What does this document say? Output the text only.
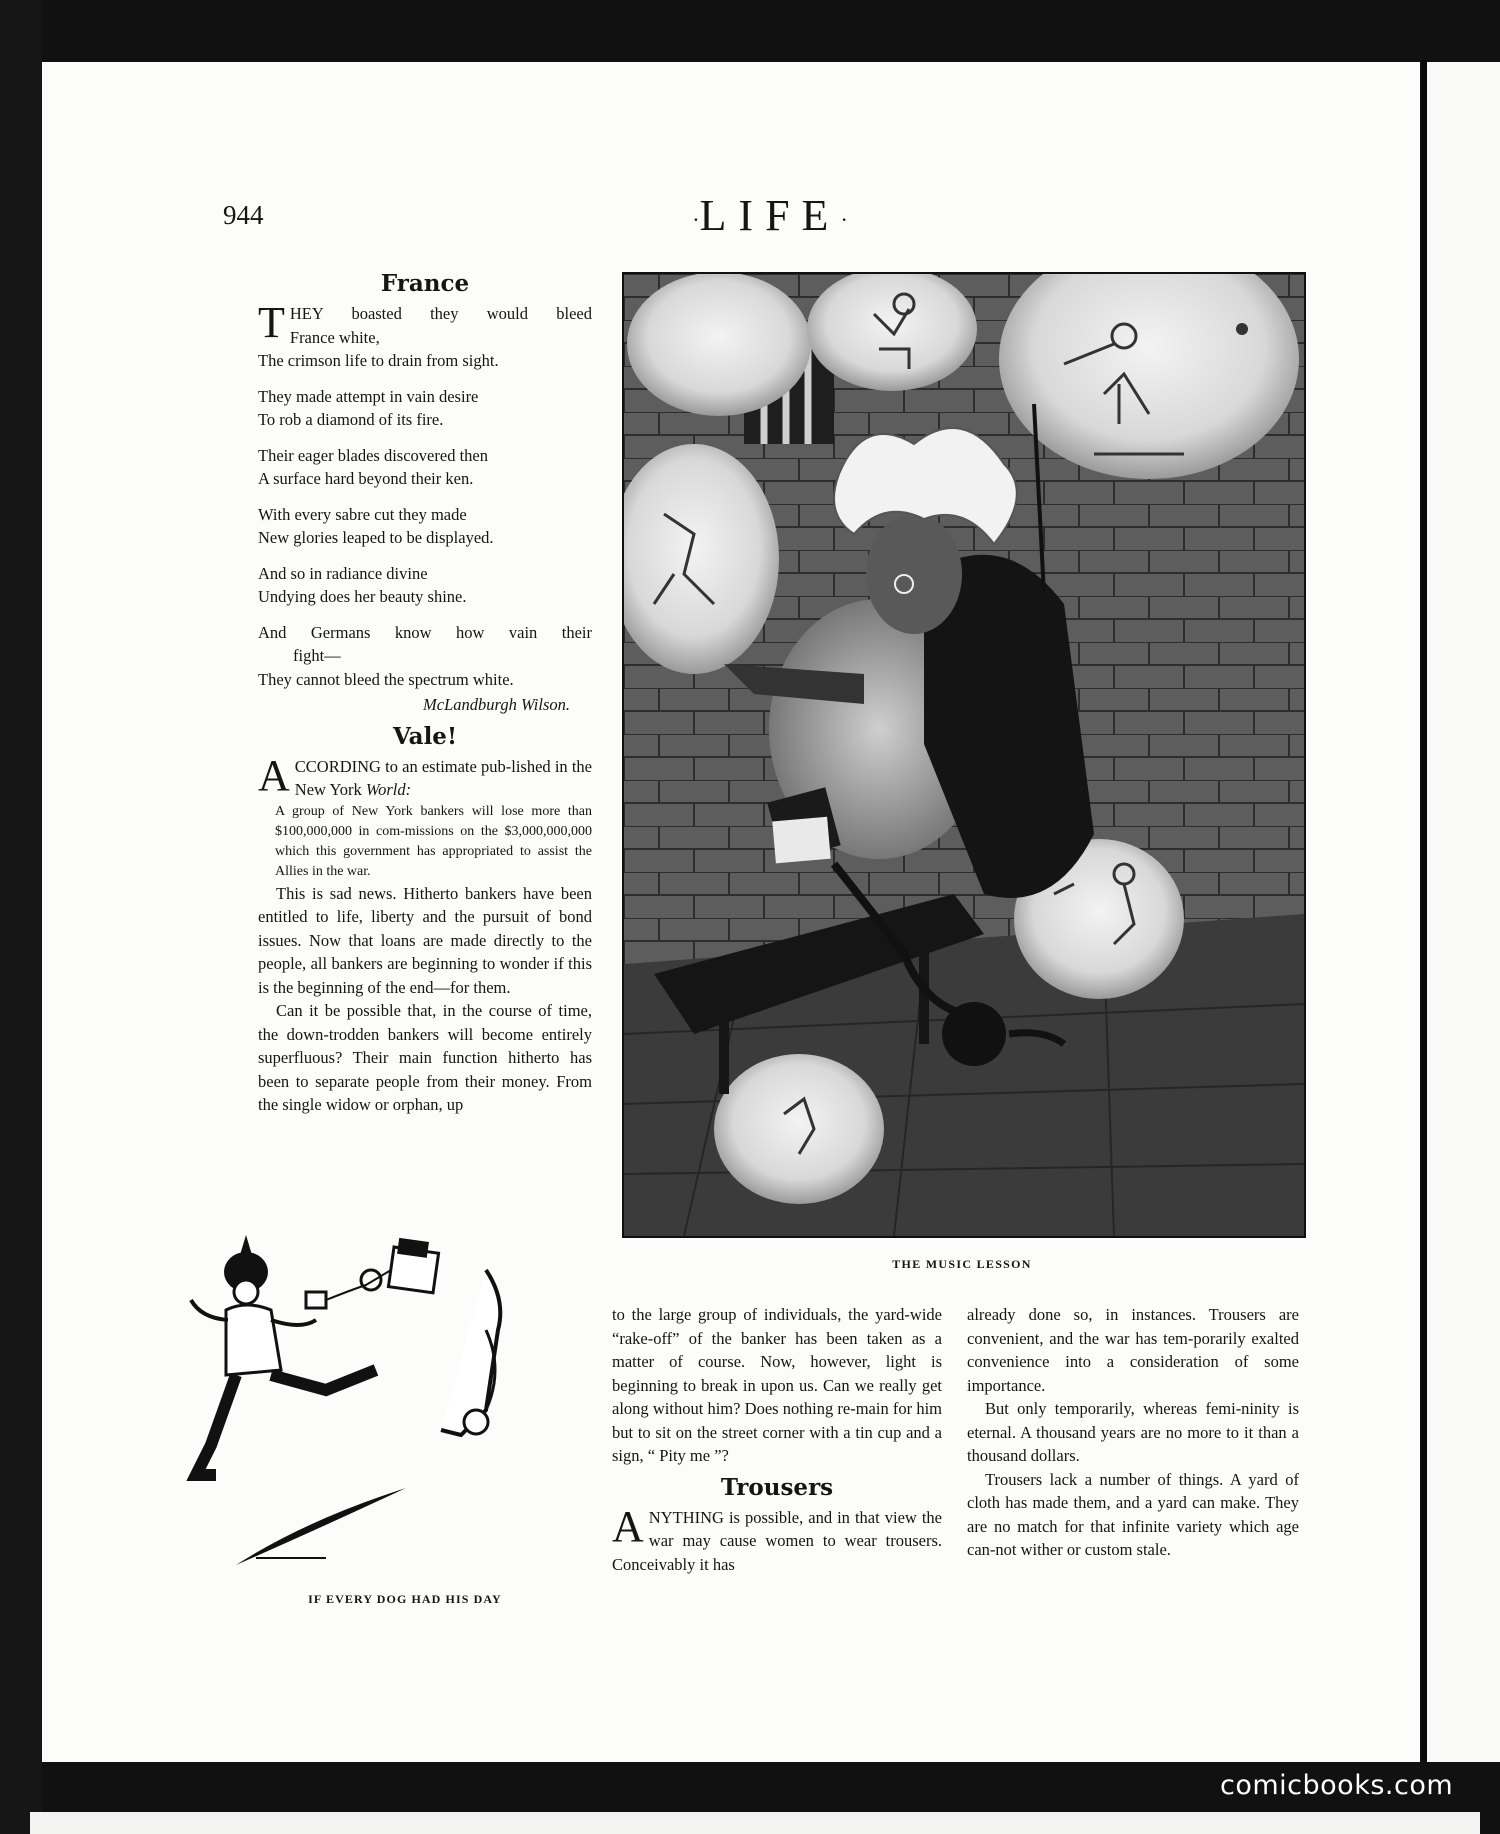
comicbooks.com
944	·LIFE·
France
T HEY boasted they would bleed
France white,
The crimson life to drain from sight.
They made attempt in vain desire
To rob a diamond of its fire.
Their eager blades discovered then
A surface hard beyond their ken.
With every sabre cut they made
New glories leaped to be displayed.
And so in radiance divine
Undying does her beauty shine.
And Germans know how vain their
fight—
They cannot bleed the spectrum white.
McLandburgh Wilson.
Vale!

ACCORDING to an estimate pub-lished in the New York World:

A group of New York bankers will lose more than $100,000,000 in com-missions on the $3,000,000,000 which this government has appropriated to assist the Allies in the war.

This is sad news. Hitherto bankers have been entitled to life, liberty and the pursuit of bond issues. Now that loans are made directly to the people, all bankers are beginning to wonder if this is the beginning of the end—for them.

Can it be possible that, in the course of time, the down-trodden bankers will become entirely superfluous? Their main function hitherto has been to separate people from their money. From the single widow or orphan, up

THE MUSIC LESSON
IF EVERY DOG HAD HIS DAY

to the large group of individuals, the yard-wide “rake-off” of the banker has been taken as a matter of course. Now, however, light is beginning to break in upon us. Can we really get along without him? Does nothing re-main for him but to sit on the street corner with a tin cup and a sign, “ Pity me ”?

Trousers

ANYTHING is possible, and in that view the war may cause women to wear trousers. Conceivably it has

already done so, in instances. Trousers are convenient, and the war has tem-porarily exalted convenience into a consideration of some importance.

But only temporarily, whereas femi-ninity is eternal. A thousand years are no more to it than a thousand dollars.

Trousers lack a number of things. A yard of cloth has made them, and a yard can make. They are no match for that infinite variety which age can-not wither or custom stale.
